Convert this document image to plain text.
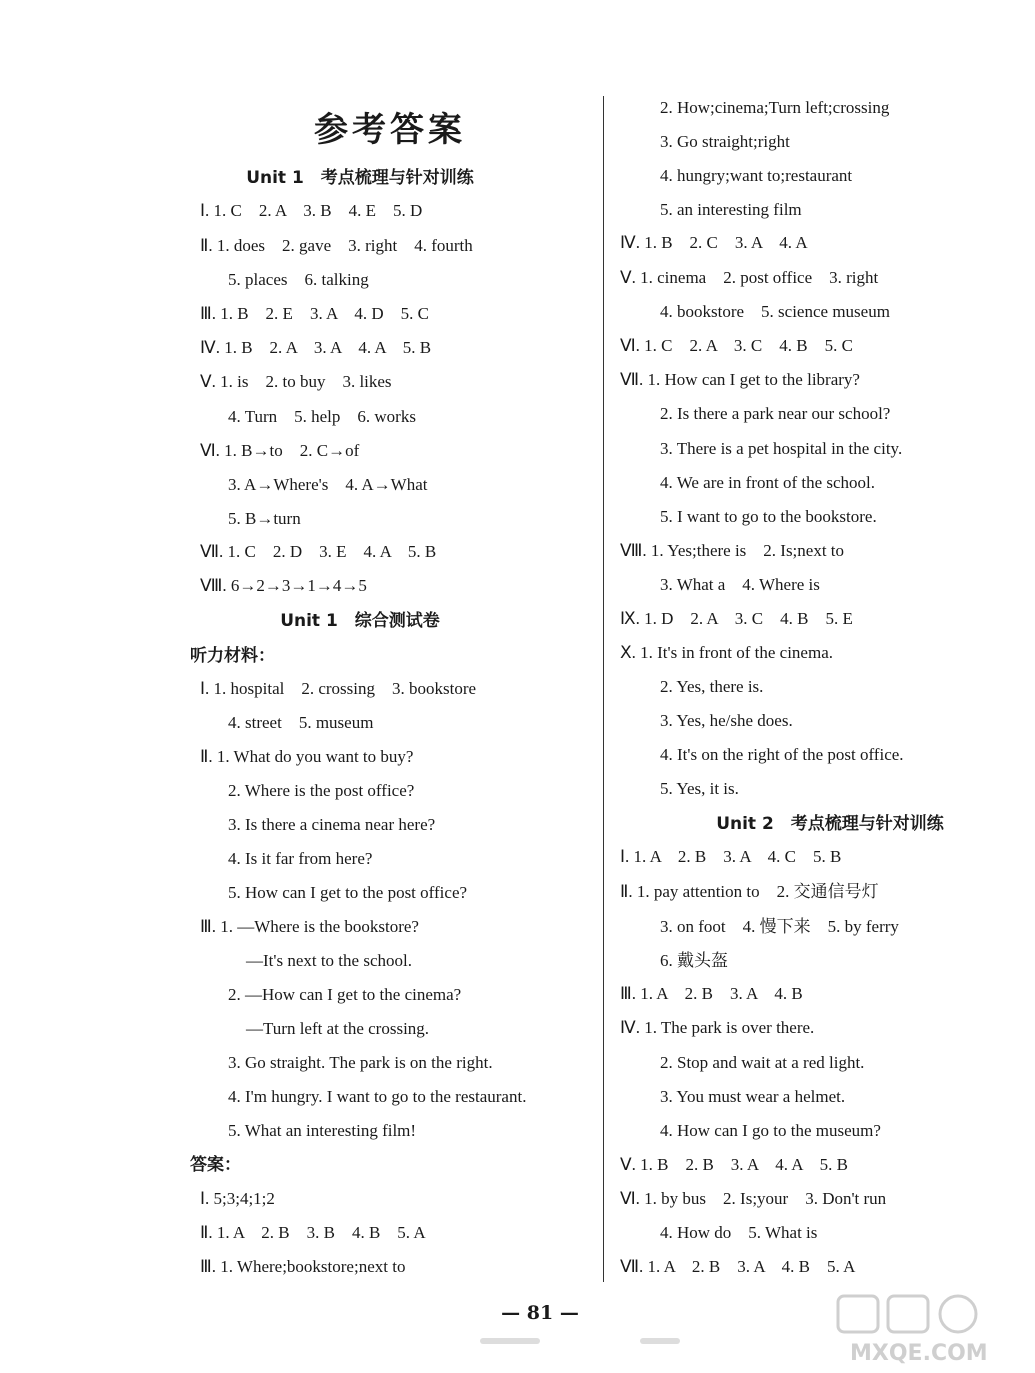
参考答案
Unit 1　考点梳理与针对训练
Ⅰ. 1. C　2. A　3. B　4. E　5. D
Ⅱ. 1. does　2. gave　3. right　4. fourth
5. places　6. talking
Ⅲ. 1. B　2. E　3. A　4. D　5. C
Ⅳ. 1. B　2. A　3. A　4. A　5. B
Ⅴ. 1. is　2. to buy　3. likes
4. Turn　5. help　6. works
Ⅵ. 1. B→to　2. C→of
3. A→Where's　4. A→What
5. B→turn
Ⅶ. 1. C　2. D　3. E　4. A　5. B
Ⅷ. 6→2→3→1→4→5
Unit 1　综合测试卷
听力材料：
Ⅰ. 1. hospital　2. crossing　3. bookstore
4. street　5. museum
Ⅱ. 1. What do you want to buy?
2. Where is the post office?
3. Is there a cinema near here?
4. Is it far from here?
5. How can I get to the post office?
Ⅲ. 1. —Where is the bookstore?
—It's next to the school.
2. —How can I get to the cinema?
—Turn left at the crossing.
3. Go straight. The park is on the right.
4. I'm hungry. I want to go to the restaurant.
5. What an interesting film!
答案：
Ⅰ. 5;3;4;1;2
Ⅱ. 1. A　2. B　3. B　4. B　5. A
Ⅲ. 1. Where;bookstore;next to
2. How;cinema;Turn left;crossing
3. Go straight;right
4. hungry;want to;restaurant
5. an interesting film
Ⅳ. 1. B　2. C　3. A　4. A
Ⅴ. 1. cinema　2. post office　3. right
4. bookstore　5. science museum
Ⅵ. 1. C　2. A　3. C　4. B　5. C
Ⅶ. 1. How can I get to the library?
2. Is there a park near our school?
3. There is a pet hospital in the city.
4. We are in front of the school.
5. I want to go to the bookstore.
Ⅷ. 1. Yes;there is　2. Is;next to
3. What a　4. Where is
Ⅸ. 1. D　2. A　3. C　4. B　5. E
Ⅹ. 1. It's in front of the cinema.
2. Yes, there is.
3. Yes, he/she does.
4. It's on the right of the post office.
5. Yes, it is.
Unit 2　考点梳理与针对训练
Ⅰ. 1. A　2. B　3. A　4. C　5. B
Ⅱ. 1. pay attention to　2. 交通信号灯
3. on foot　4. 慢下来　5. by ferry
6. 戴头盔
Ⅲ. 1. A　2. B　3. A　4. B
Ⅳ. 1. The park is over there.
2. Stop and wait at a red light.
3. You must wear a helmet.
4. How can I go to the museum?
Ⅴ. 1. B　2. B　3. A　4. A　5. B
Ⅵ. 1. by bus　2. Is;your　3. Don't run
4. How do　5. What is
Ⅶ. 1. A　2. B　3. A　4. B　5. A
— 81 —
MXQE.COM
